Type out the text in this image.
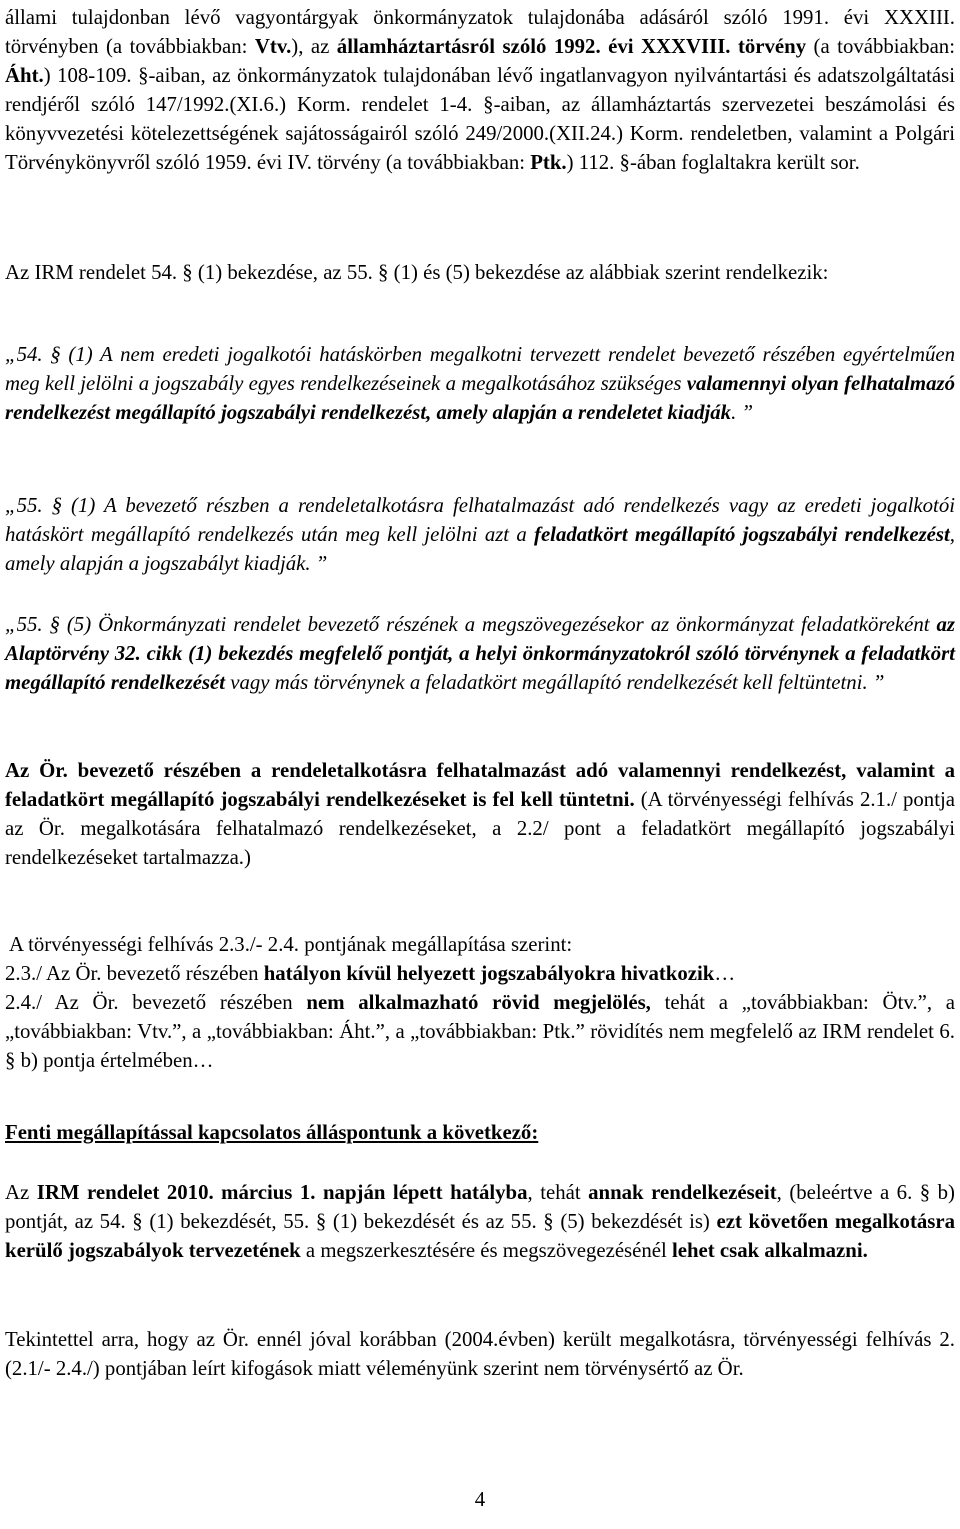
állami tulajdonban lévő vagyontárgyak önkormányzatok tulajdonába adásáról szóló 1991. évi XXXIII. törvényben (a továbbiakban: Vtv.), az államháztartásról szóló 1992. évi XXXVIII. törvény (a továbbiakban: Áht.) 108-109. §-aiban, az önkormányzatok tulajdonában lévő ingatlanvagyon nyilvántartási és adatszolgáltatási rendjéről szóló 147/1992.(XI.6.) Korm. rendelet 1-4. §-aiban, az államháztartás szervezetei beszámolási és könyvvezetési kötelezettségének sajátosságairól szóló 249/2000.(XII.24.) Korm. rendeletben, valamint a Polgári Törvénykönyvről szóló 1959. évi IV. törvény (a továbbiakban: Ptk.) 112. §-ában foglaltakra került sor.

Az IRM rendelet 54. § (1) bekezdése, az 55. § (1) és (5) bekezdése az alábbiak szerint rendelkezik:

„54. § (1) A nem eredeti jogalkotói hatáskörben megalkotni tervezett rendelet bevezető részében egyértelműen meg kell jelölni a jogszabály egyes rendelkezéseinek a megalkotásához szükséges valamennyi olyan felhatalmazó rendelkezést megállapító jogszabályi rendelkezést, amely alapján a rendeletet kiadják. ”

„55. § (1) A bevezető részben a rendeletalkotásra felhatalmazást adó rendelkezés vagy az eredeti jogalkotói hatáskört megállapító rendelkezés után meg kell jelölni azt a feladatkört megállapító jogszabályi rendelkezést, amely alapján a jogszabályt kiadják. ”

„55. § (5) Önkormányzati rendelet bevezető részének a megszövegezésekor az önkormányzat feladatköreként az Alaptörvény 32. cikk (1) bekezdés megfelelő pontját, a helyi önkormányzatokról szóló törvénynek a feladatkört megállapító rendelkezését vagy más törvénynek a feladatkört megállapító rendelkezését kell feltüntetni. ”

Az Ör. bevezető részében a rendeletalkotásra felhatalmazást adó valamennyi rendelkezést, valamint a feladatkört megállapító jogszabályi rendelkezéseket is fel kell tüntetni. (A törvényességi felhívás 2.1./ pontja az Ör. megalkotására felhatalmazó rendelkezéseket, a 2.2/ pont a feladatkört megállapító jogszabályi rendelkezéseket tartalmazza.)

A törvényességi felhívás 2.3./- 2.4. pontjának megállapítása szerint:
2.3./ Az Ör. bevezető részében hatályon kívül helyezett jogszabályokra hivatkozik…
2.4./ Az Ör. bevezető részében nem alkalmazható rövid megjelölés, tehát a „továbbiakban: Ötv.”, a „továbbiakban: Vtv.”, a „továbbiakban: Áht.”, a „továbbiakban: Ptk.” rövidítés nem megfelelő az IRM rendelet 6. § b) pontja értelmében…

Fenti megállapítással kapcsolatos álláspontunk a következő:

Az IRM rendelet 2010. március 1. napján lépett hatályba, tehát annak rendelkezéseit, (beleértve a 6. § b) pontját, az 54. § (1) bekezdését, 55. § (1) bekezdését és az 55. § (5) bekezdését is) ezt követően megalkotásra kerülő jogszabályok tervezetének a megszerkesztésére és megszövegezésénél lehet csak alkalmazni.

Tekintettel arra, hogy az Ör. ennél jóval korábban (2004.évben) került megalkotásra, törvényességi felhívás 2. (2.1/- 2.4./) pontjában leírt kifogások miatt véleményünk szerint nem törvénysértő az Ör.

4
